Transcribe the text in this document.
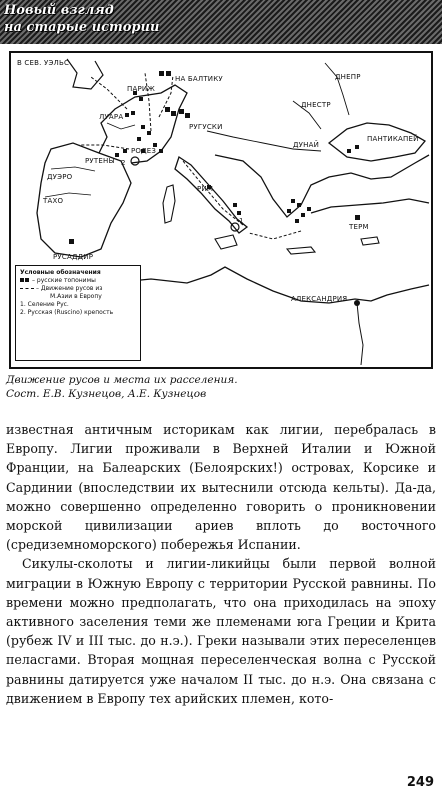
Новый взгляд
на старые истории
В СЕВ. УЭЛЬС
НА БАЛТИКУ
ПАРИЖ
ЛУАРА
РУГУСКИ
РОДЕЗ
РУТЕНЫ
ДУЭРО
ТАХО
РУСАДДИР
РИМ
ДНЕПР
ДНЕСТР
ДУНАЙ
ПАНТИКАПЕЙ
ТЕРМ
АЛЕКСАНДРИЯ
1
2
Условные обозначения
– русские топонимы
– Движение русов из
М.Азии в Европу
1. Селение Рус.
2. Русская (Ruscino) крепость
Движение русов и места их расселения.
Сост. Е.В. Кузнецов, А.Е. Кузнецов

известная античным историкам как лигии, перебралась в Европу. Лигии проживали в Верхней Италии и Южной Франции, на Балеарских (Белоярских!) островах, Корсике и Сардинии (впоследствии их вытеснили отсюда кельты). Да-да, можно совершенно определенно говорить о проникновении морской цивилизации ариев вплоть до восточного (средиземноморского) побережья Испании.

Сикулы-сколоты и лигии-ликийцы были первой волной миграции в Южную Европу с территории Русской равнины. По времени можно предполагать, что она приходилась на эпоху активного заселения теми же племенами юга Греции и Крита (рубеж IV и III тыс. до н.э.). Греки называли этих переселенцев пеласгами. Вторая мощная переселенческая волна с Русской равнины датируется уже началом II тыс. до н.э. Она связана с движением в Европу тех арийских племен, кото-

249
